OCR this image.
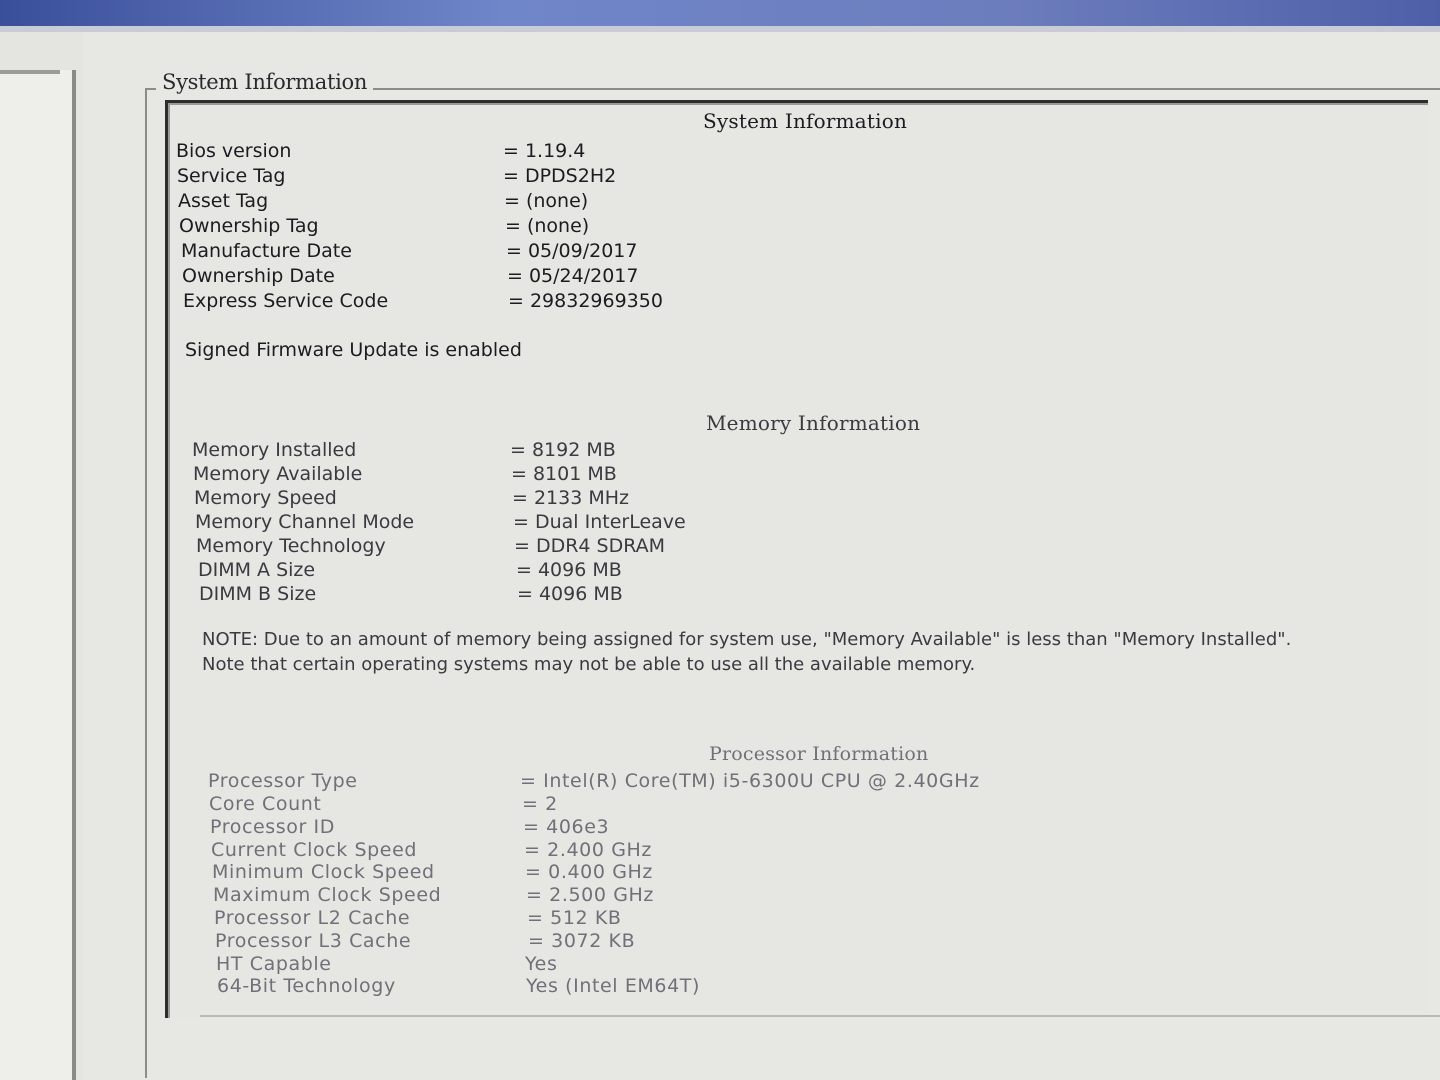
System Information
System Information
Bios version	= 1.19.4
Service Tag	= DPDS2H2
Asset Tag	= (none)
Ownership Tag	= (none)
Manufacture Date	= 05/09/2017
Ownership Date	= 05/24/2017
Express Service Code	= 29832969350
Signed Firmware Update is enabled
Memory Information
Memory Installed	= 8192 MB
Memory Available	= 8101 MB
Memory Speed	= 2133 MHz
Memory Channel Mode	= Dual InterLeave
Memory Technology	= DDR4 SDRAM
DIMM A Size	= 4096 MB
DIMM B Size	= 4096 MB
NOTE: Due to an amount of memory being assigned for system use, "Memory Available" is less than "Memory Installed". Note that certain operating systems may not be able to use all the available memory.
Processor Information
Processor Type	= Intel(R) Core(TM) i5-6300U CPU @ 2.40GHz
Core Count	= 2
Processor ID	= 406e3
Current Clock Speed	= 2.400 GHz
Minimum Clock Speed	= 0.400 GHz
Maximum Clock Speed	= 2.500 GHz
Processor L2 Cache	= 512 KB
Processor L3 Cache	= 3072 KB
HT Capable	Yes
64-Bit Technology	Yes (Intel EM64T)
